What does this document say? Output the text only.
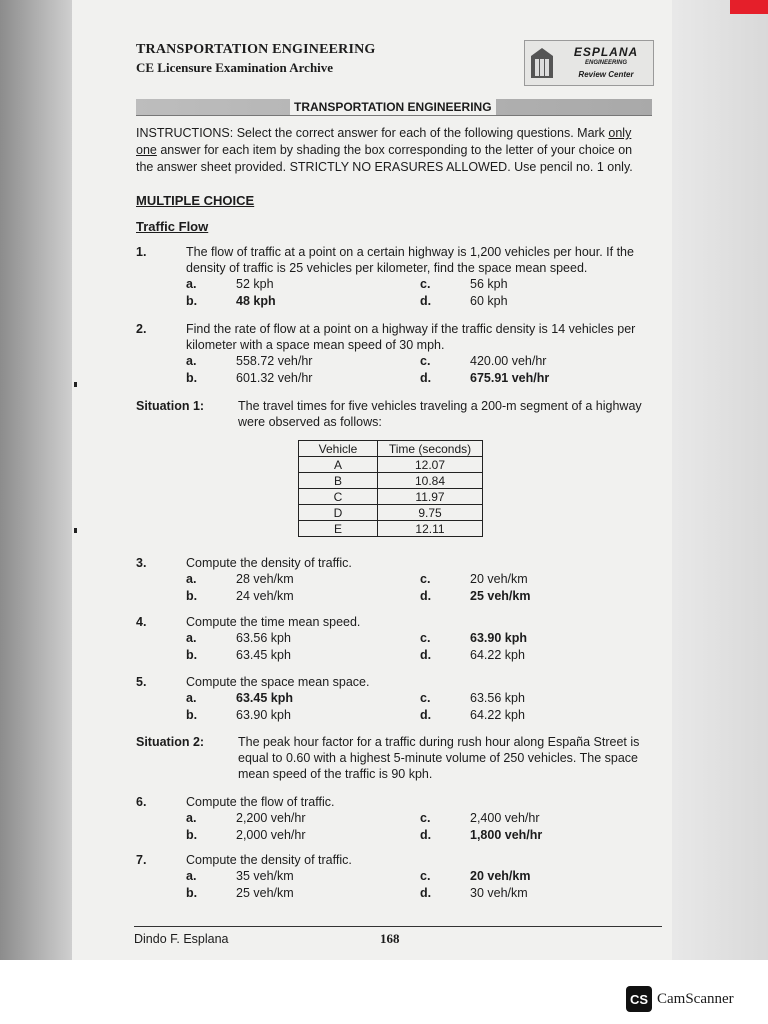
TRANSPORTATION ENGINEERING
CE Licensure Examination Archive
ESPLANA
ENGINEERING
Review Center
TRANSPORTATION ENGINEERING
INSTRUCTIONS: Select the correct answer for each of the following questions. Mark only one answer for each item by shading the box corresponding to the letter of your choice on the answer sheet provided. STRICTLY NO ERASURES ALLOWED. Use pencil no. 1 only.
MULTIPLE CHOICE
Traffic Flow
1.	The flow of traffic at a point on a certain highway is 1,200 vehicles per hour. If the density of traffic is 25 vehicles per kilometer, find the space mean speed.
a.	52 kph	c.	56 kph
b.	48 kph	d.	60 kph
2.	Find the rate of flow at a point on a highway if the traffic density is 14 vehicles per kilometer with a space mean speed of 30 mph.
a.	558.72 veh/hr	c.	420.00 veh/hr
b.	601.32 veh/hr	d.	675.91 veh/hr
Situation 1:	The travel times for five vehicles traveling a 200-m segment of a highway were observed as follows:
Vehicle	Time (seconds)
A	12.07
B	10.84
C	11.97
D	9.75
E	12.11
3.	Compute the density of traffic.
a.	28 veh/km	c.	20 veh/km
b.	24 veh/km	d.	25 veh/km
4.	Compute the time mean speed.
a.	63.56 kph	c.	63.90 kph
b.	63.45 kph	d.	64.22 kph
5.	Compute the space mean space.
a.	63.45 kph	c.	63.56 kph
b.	63.90 kph	d.	64.22 kph
Situation 2:	The peak hour factor for a traffic during rush hour along España Street is equal to 0.60 with a highest 5-minute volume of 250 vehicles. The space mean speed of the traffic is 90 kph.
6.	Compute the flow of traffic.
a.	2,200 veh/hr	c.	2,400 veh/hr
b.	2,000 veh/hr	d.	1,800 veh/hr
7.	Compute the density of traffic.
a.	35 veh/km	c.	20 veh/km
b.	25 veh/km	d.	30 veh/km
Dindo F. Esplana	168
CS CamScanner
